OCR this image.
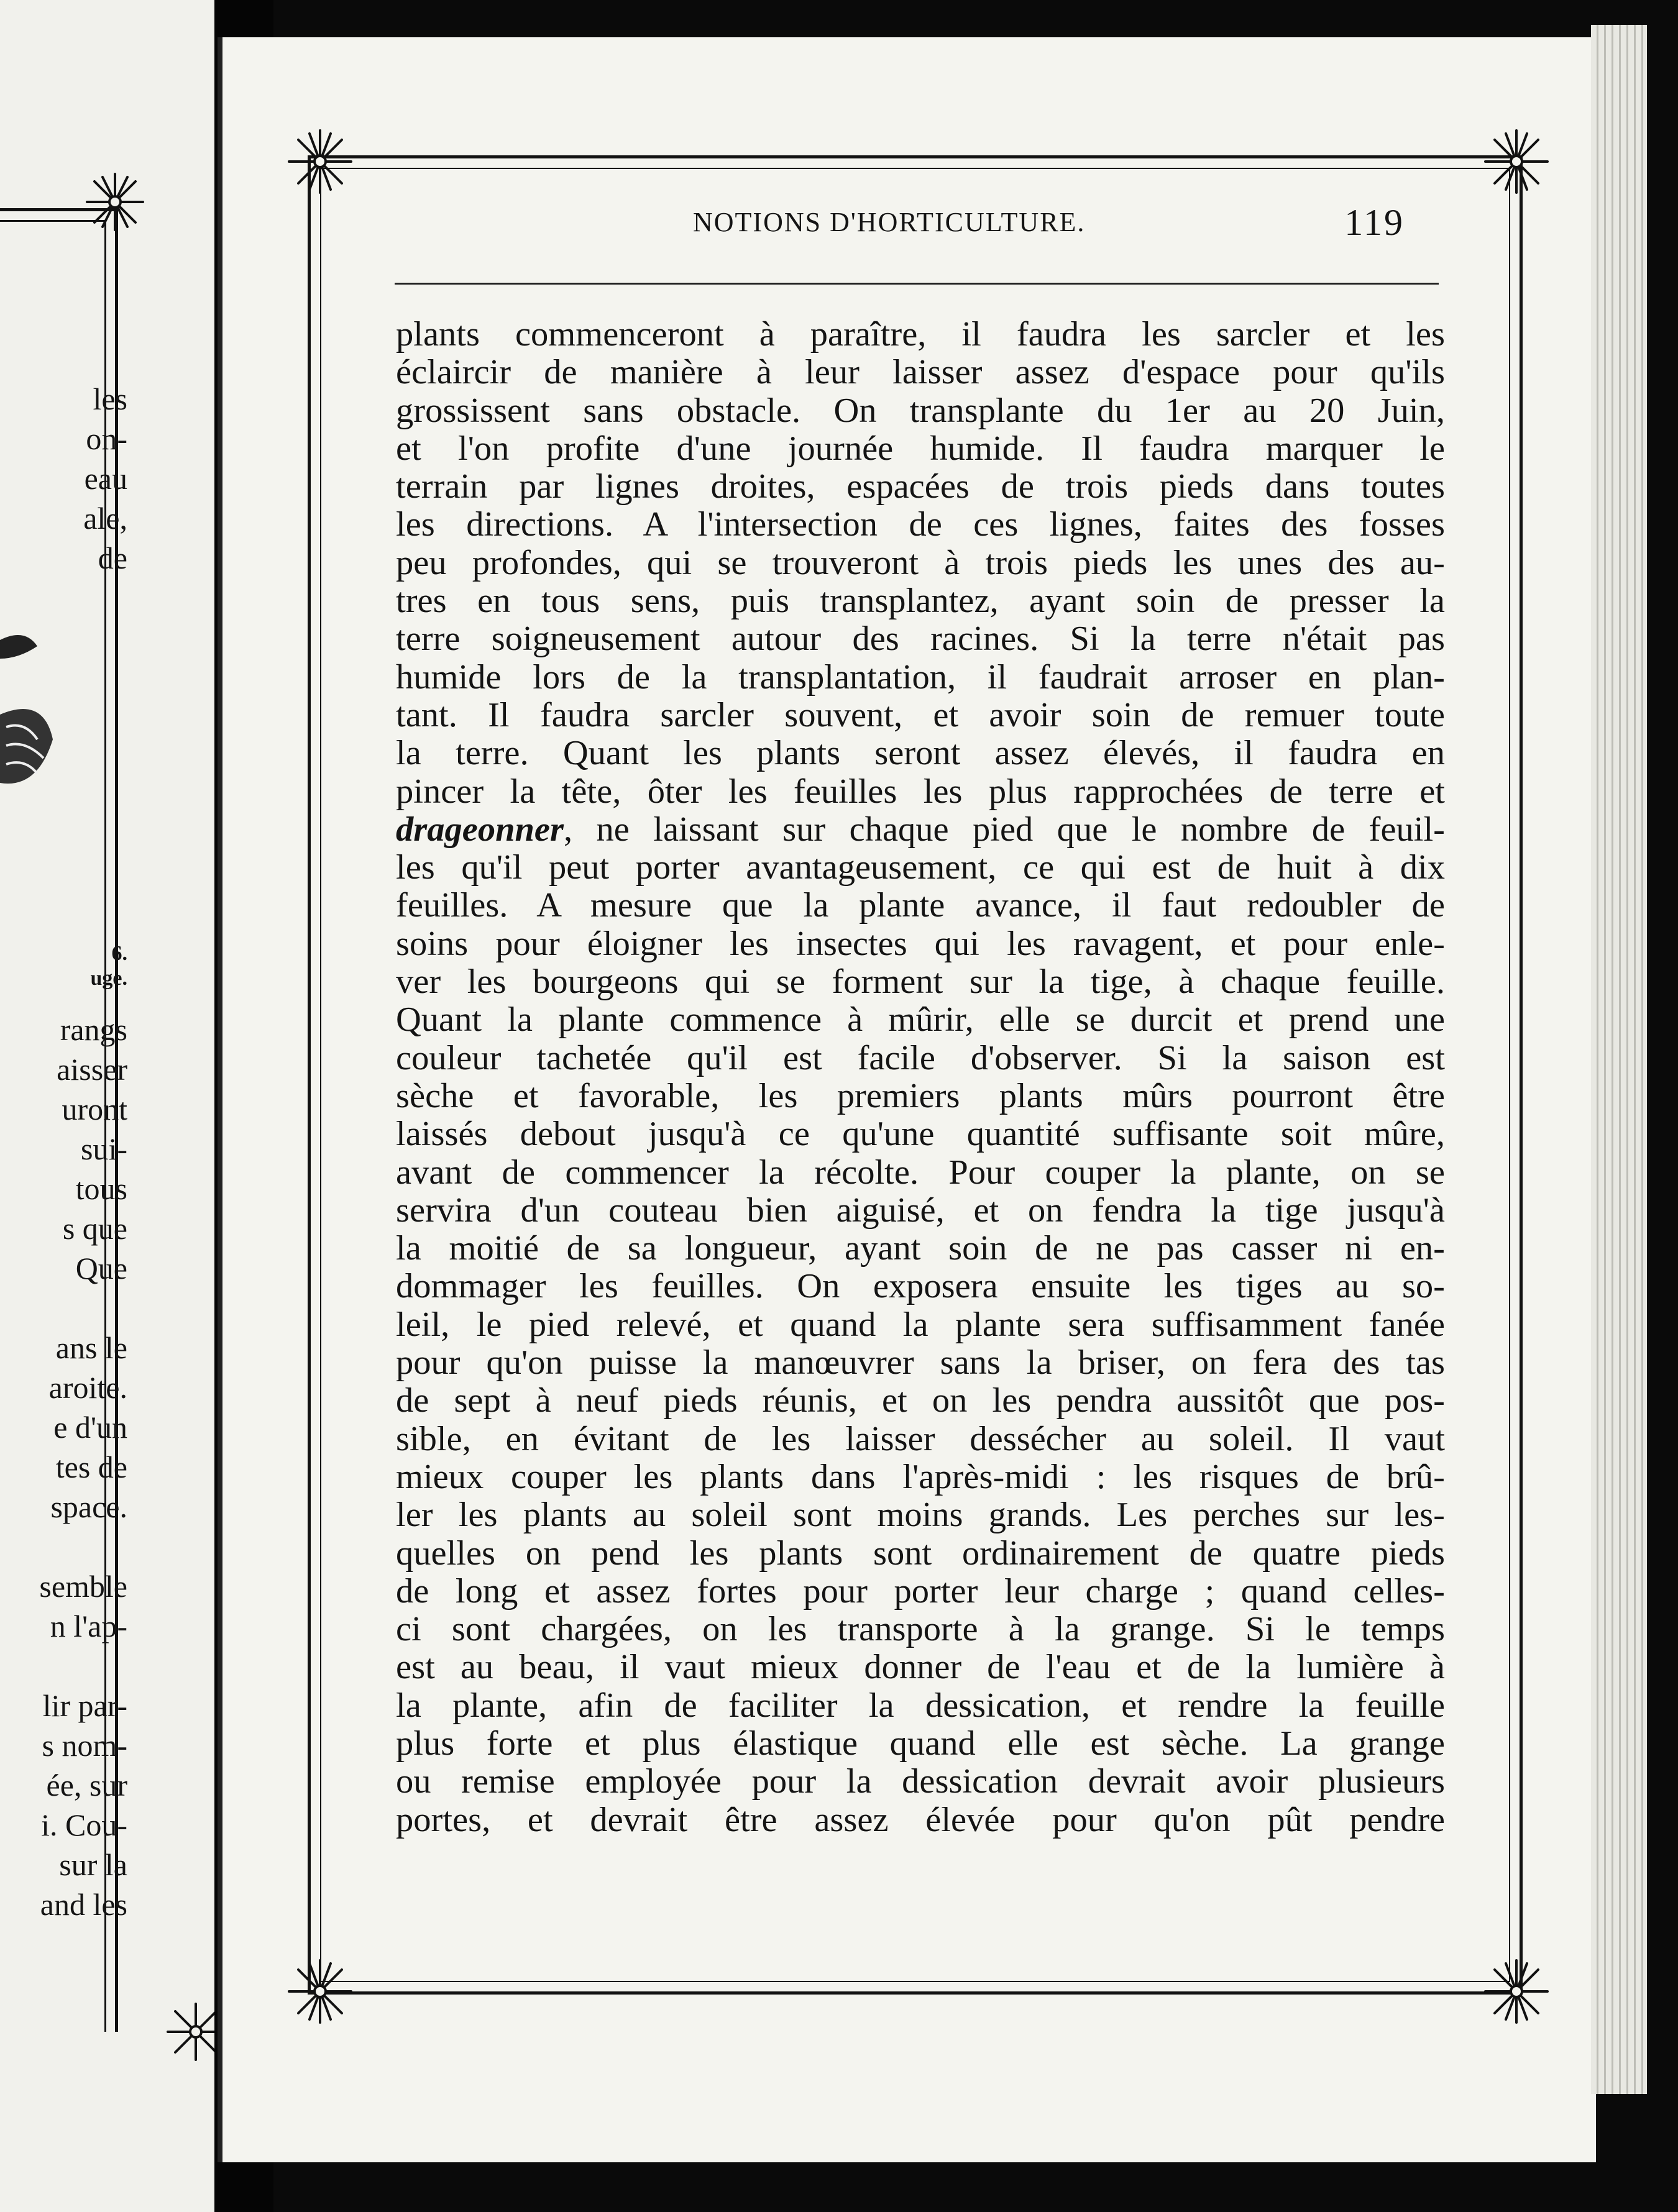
les
on-
eau
ale,
de
6.
uge.
rangs
aisser
uront
sui-
tous
s que
Que

ans le
aroite.
e d'un
tes de
space.

semble
n l'ap-

lir par-
s nom-
ée, sur
i. Cou-
sur la
and les
NOTIONS D'HORTICULTURE.	119
plants commenceront à paraître, il faudra les sarcler et les
éclaircir de manière à leur laisser assez d'espace pour qu'ils
grossissent sans obstacle. On transplante du 1er au 20 Juin,
et l'on profite d'une journée humide. Il faudra marquer le
terrain par lignes droites, espacées de trois pieds dans toutes
les directions. A l'intersection de ces lignes, faites des fosses
peu profondes, qui se trouveront à trois pieds les unes des au-
tres en tous sens, puis transplantez, ayant soin de presser la
terre soigneusement autour des racines. Si la terre n'était pas
humide lors de la transplantation, il faudrait arroser en plan-
tant. Il faudra sarcler souvent, et avoir soin de remuer toute
la terre. Quant les plants seront assez élevés, il faudra en
pincer la tête, ôter les feuilles les plus rapprochées de terre et
drageonner, ne laissant sur chaque pied que le nombre de feuil-
les qu'il peut porter avantageusement, ce qui est de huit à dix
feuilles. A mesure que la plante avance, il faut redoubler de
soins pour éloigner les insectes qui les ravagent, et pour enle-
ver les bourgeons qui se forment sur la tige, à chaque feuille.
Quant la plante commence à mûrir, elle se durcit et prend une
couleur tachetée qu'il est facile d'observer. Si la saison est
sèche et favorable, les premiers plants mûrs pourront être
laissés debout jusqu'à ce qu'une quantité suffisante soit mûre,
avant de commencer la récolte. Pour couper la plante, on se
servira d'un couteau bien aiguisé, et on fendra la tige jusqu'à
la moitié de sa longueur, ayant soin de ne pas casser ni en-
dommager les feuilles. On exposera ensuite les tiges au so-
leil, le pied relevé, et quand la plante sera suffisamment fanée
pour qu'on puisse la manœuvrer sans la briser, on fera des tas
de sept à neuf pieds réunis, et on les pendra aussitôt que pos-
sible, en évitant de les laisser dessécher au soleil. Il vaut
mieux couper les plants dans l'après-midi : les risques de brû-
ler les plants au soleil sont moins grands. Les perches sur les-
quelles on pend les plants sont ordinairement de quatre pieds
de long et assez fortes pour porter leur charge ; quand celles-
ci sont chargées, on les transporte à la grange. Si le temps
est au beau, il vaut mieux donner de l'eau et de la lumière à
la plante, afin de faciliter la dessication, et rendre la feuille
plus forte et plus élastique quand elle est sèche. La grange
ou remise employée pour la dessication devrait avoir plusieurs
portes, et devrait être assez élevée pour qu'on pût pendre
